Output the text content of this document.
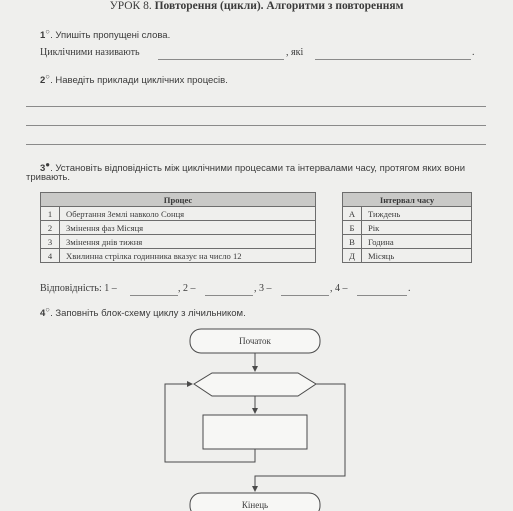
УРОК 8. Повторення (цикли). Алгоритми з повторенням
1○. Упишіть пропущені слова.
Циклічними називають	, які	.
2○. Наведіть приклади циклічних процесів.
3●. Установіть відповідність між циклічними процесами та інтервалами часу, протягом яких вони
тривають.
Процес	
1	Обертання Землі навколо Сонця
2	Змінення фаз Місяця
3	Змінення днів тижня
4	Хвилинна стрілка годинника вказує на число 12
Інтервал часу	
А	Тиждень
Б	Рік
В	Година
Д	Місяць
Відповідність: 1 –	, 2 –	, 3 –	, 4 –	.
4○. Заповніть блок-схему циклу з лічильником.
Початок
Кінець
